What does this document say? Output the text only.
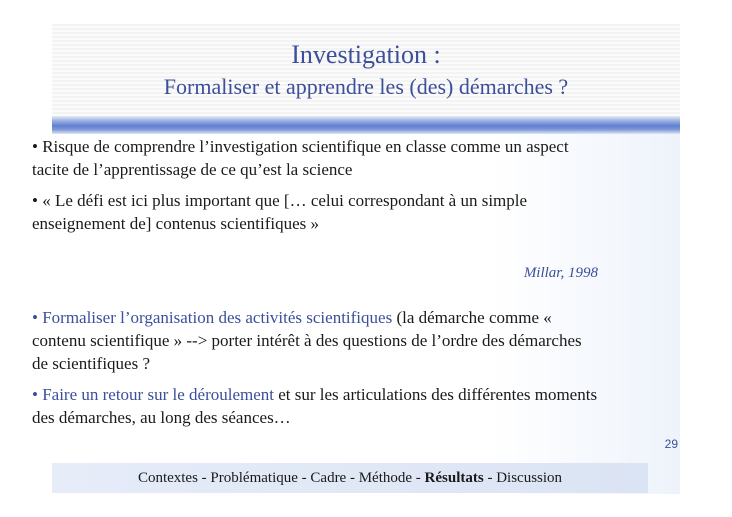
Investigation :
Formaliser et apprendre les (des) démarches ?

• Risque de comprendre l’investigation scientifique en classe comme un aspect tacite de l’apprentissage de ce qu’est la science

• « Le défi est ici plus important que [… celui correspondant à un simple enseignement de] contenus scientifiques »

Millar, 1998

• Formaliser l’organisation des activités scientifiques (la démarche comme « contenu scientifique » --> porter intérêt à des questions de l’ordre des démarches de scientifiques ?

• Faire un retour sur le déroulement et sur les articulations des différentes moments des démarches, au long des séances…

29
Contextes - Problématique - Cadre - Méthode - Résultats - Discussion
